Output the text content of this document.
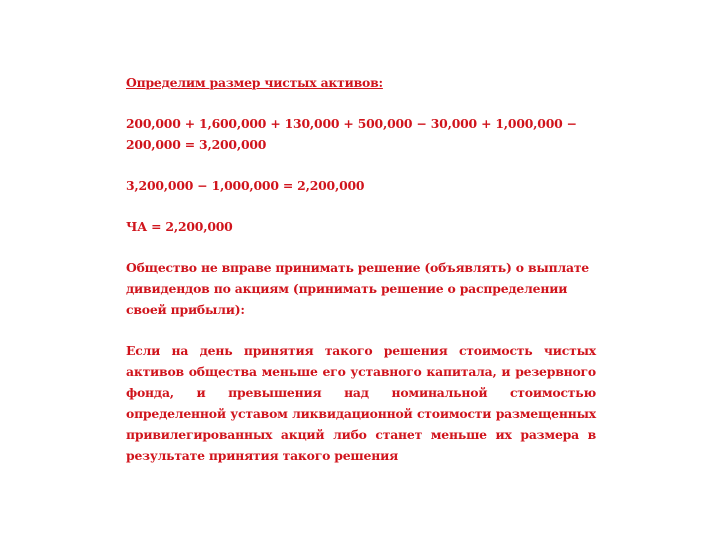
Определим размер чистых активов:

200,000 + 1,600,000 + 130,000 + 500,000 − 30,000 + 1,000,000 − 200,000 = 3,200,000

3,200,000 − 1,000,000 = 2,200,000

ЧА = 2,200,000

Общество не вправе принимать решение (объявлять) о выплате дивидендов по акциям (принимать решение о распределении своей прибыли):

Если на день принятия такого решения стоимость чистых активов общества меньше его уставного капитала, и резервного фонда, и превышения над номинальной стоимостью определенной уставом ликвидационной стоимости размещенных привилегированных акций либо станет меньше их размера в результате принятия такого решения
